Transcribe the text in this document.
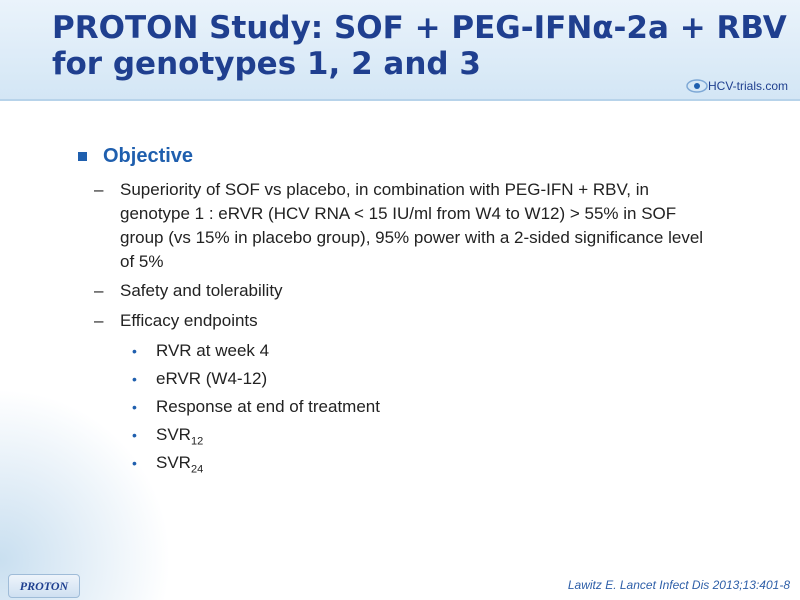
PROTON Study: SOF + PEG-IFNα-2a + RBV
for genotypes 1, 2 and 3
HCV-trials.com
Objective
– Superiority of SOF vs placebo, in combination with PEG-IFN + RBV, in genotype 1 : eRVR (HCV RNA < 15 IU/ml from W4 to W12) > 55% in SOF group (vs 15% in placebo group), 95% power with a 2-sided significance level of 5%
– Safety and tolerability
– Efficacy endpoints
• RVR at week 4
• eRVR (W4-12)
• Response at end of treatment
• $SVR_{12}$
• $SVR_{24}$
PROTON	Lawitz E. Lancet Infect Dis 2013;13:401-8
